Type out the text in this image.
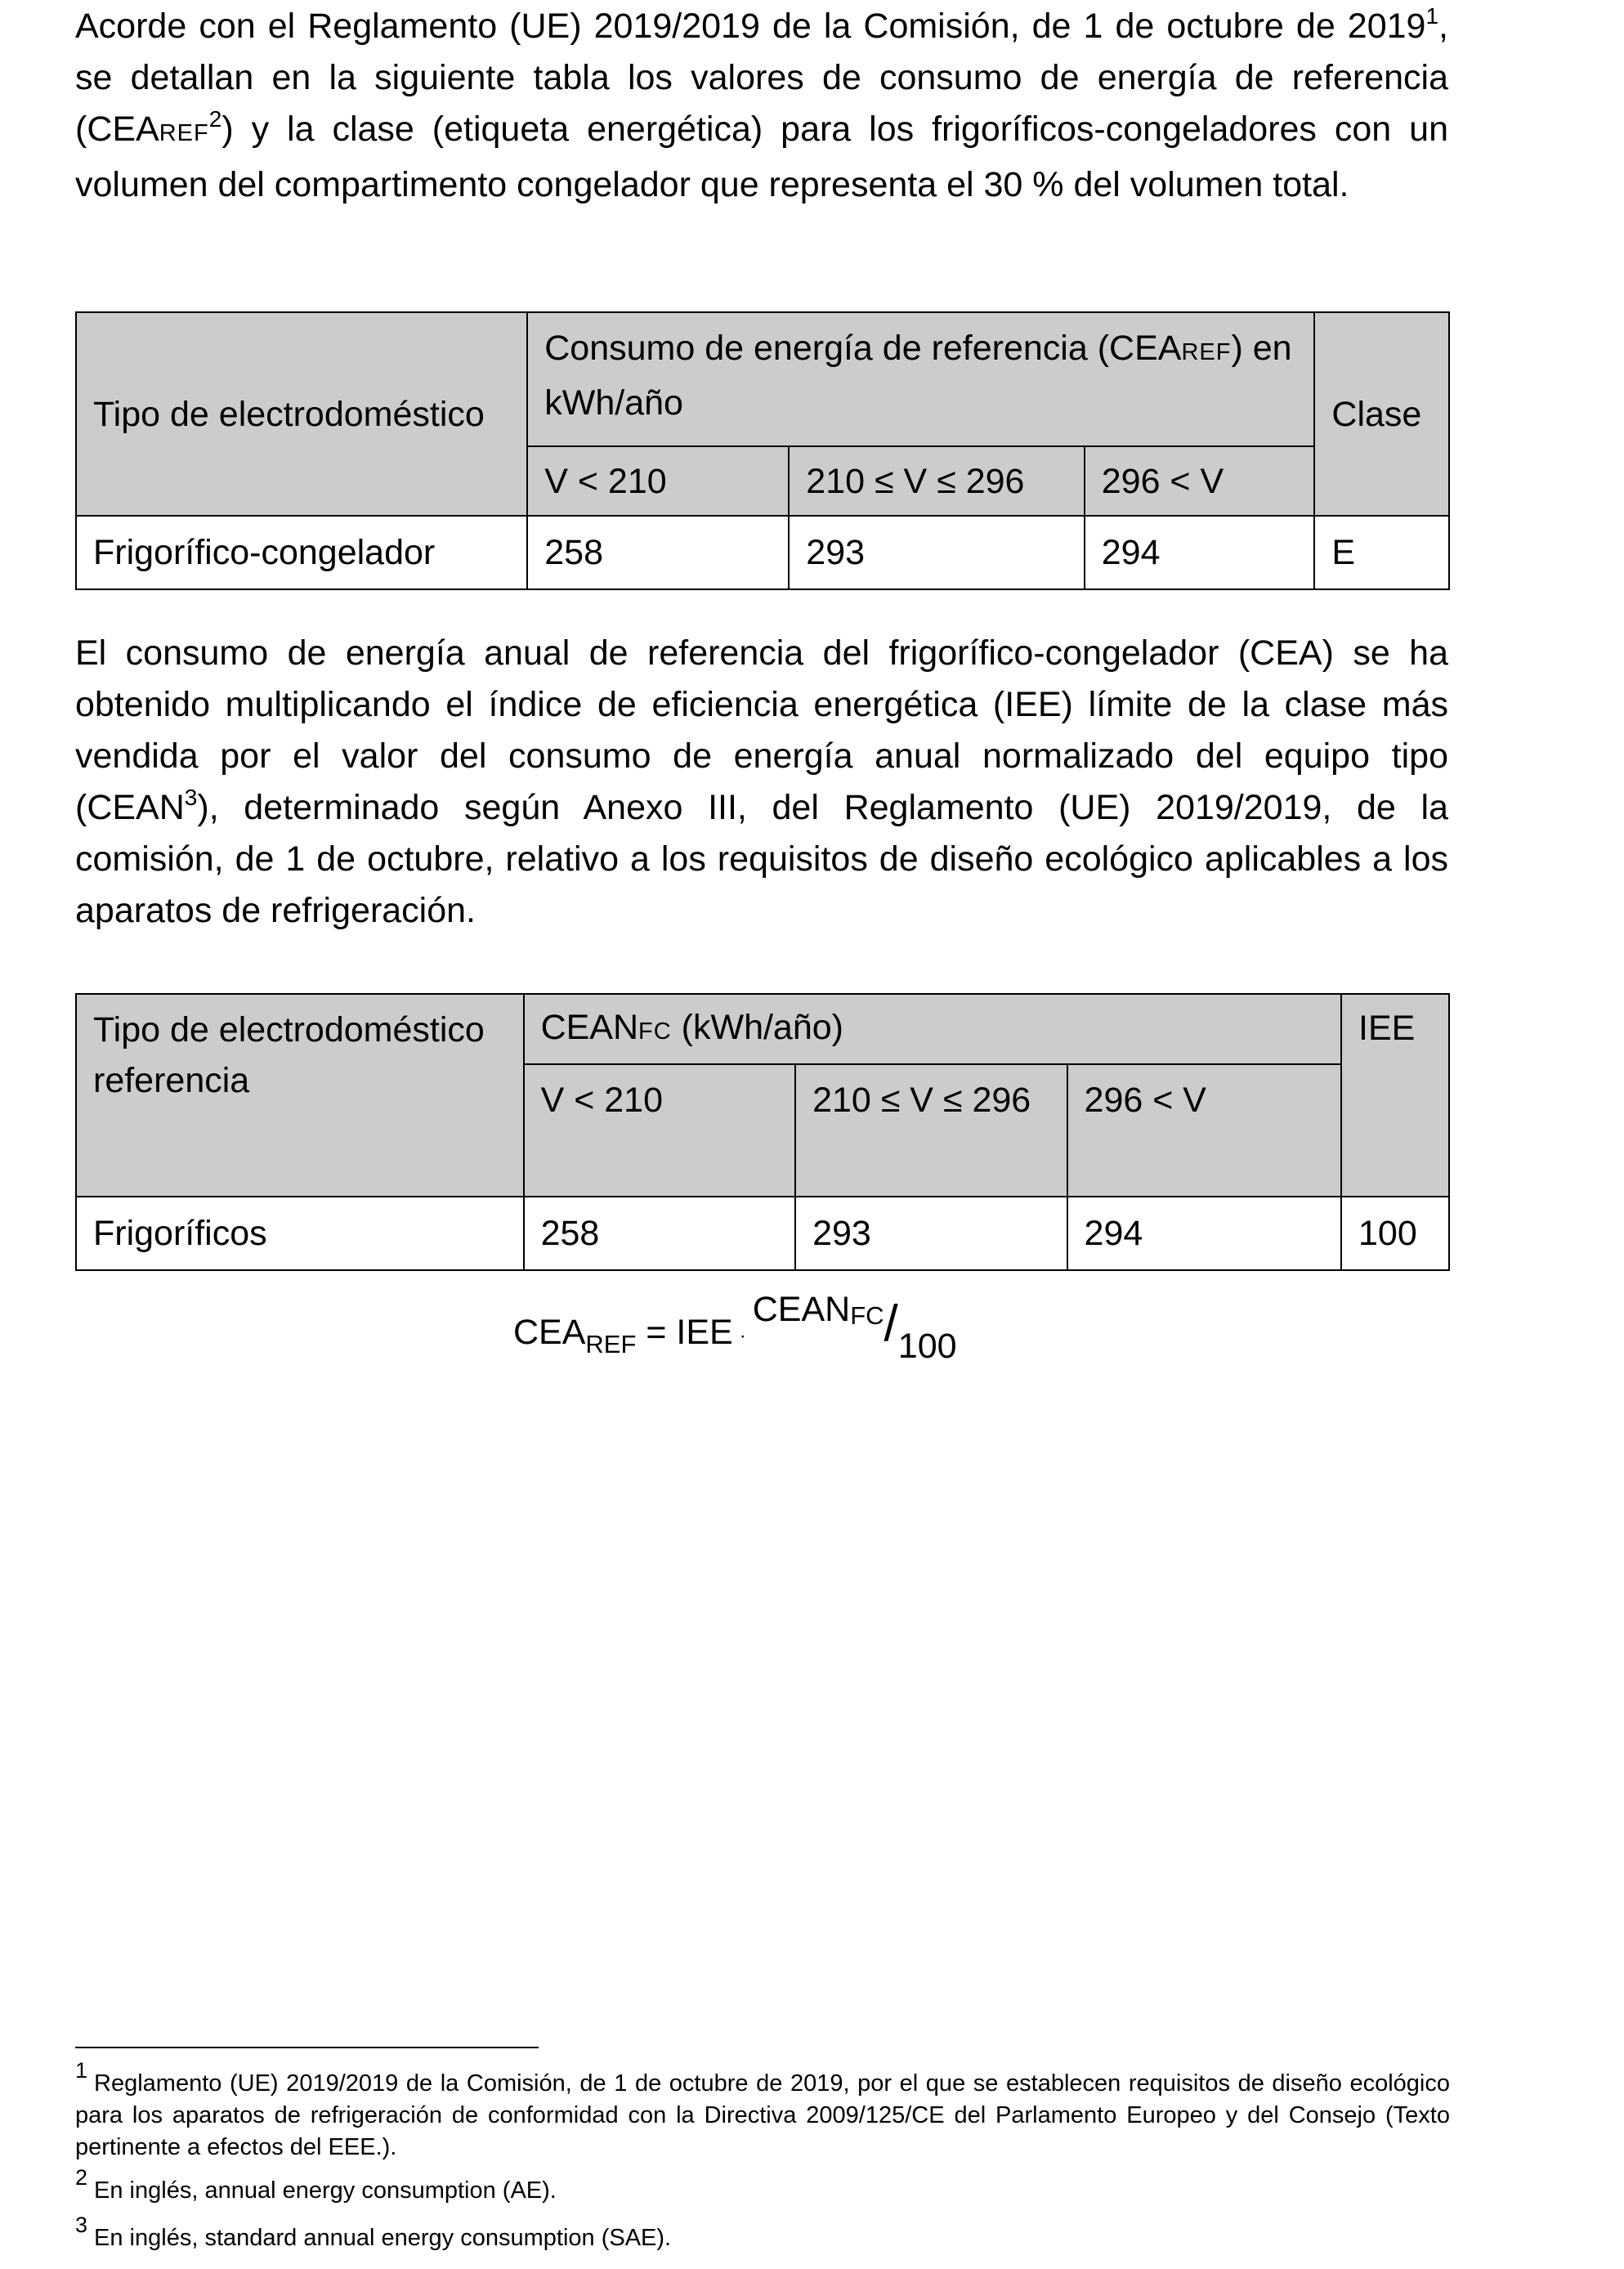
Acorde con el Reglamento (UE) 2019/2019 de la Comisión, de 1 de octubre de 2019$^1$, se detallan en la siguiente tabla los valores de consumo de energía de referencia (CEAREF$^2$) y la clase (etiqueta energética) para los frigoríficos-congeladores con un volumen del compartimento congelador que representa el 30 % del volumen total.

Tipo de electrodoméstico	Consumo de energía de referencia (CEAREF) en kWh/año			Clase
	V < 210	210 ≤ V ≤ 296	296 < V	
Frigorífico-congelador	258	293	294	E

El consumo de energía anual de referencia del frigorífico-congelador (CEA) se ha obtenido multiplicando el índice de eficiencia energética (IEE) límite de la clase más vendida por el valor del consumo de energía anual normalizado del equipo tipo (CEAN$^3$), determinado según Anexo III, del Reglamento (UE) 2019/2019, de la comisión, de 1 de octubre, relativo a los requisitos de diseño ecológico aplicables a los aparatos de refrigeración.

Tipo de electrodoméstico referencia	CEANFC (kWh/año)			IEE
	V < 210	210 ≤ V ≤ 296	296 < V	
Frigoríficos	258	293	294	100
$CEA_{REF}$ = IEE ·CEANFC/100

1 Reglamento (UE) 2019/2019 de la Comisión, de 1 de octubre de 2019, por el que se establecen requisitos de diseño ecológico para los aparatos de refrigeración de conformidad con la Directiva 2009/125/CE del Parlamento Europeo y del Consejo (Texto pertinente a efectos del EEE.).

2 En inglés, annual energy consumption (AE).

3 En inglés, standard annual energy consumption (SAE).
